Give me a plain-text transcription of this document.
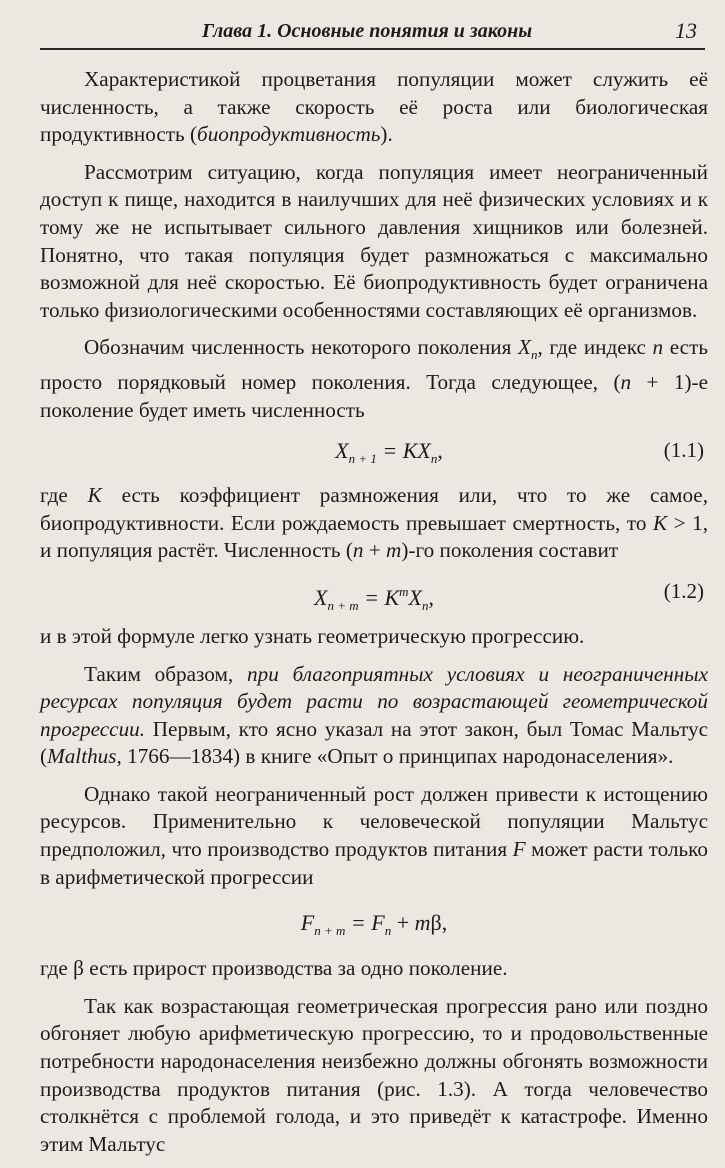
Глава 1. Основные понятия и законы	13

Характеристикой процветания популяции может служить её численность, а также скорость её роста или биологическая продуктивность (биопродуктивность).

Рассмотрим ситуацию, когда популяция имеет неограниченный доступ к пище, находится в наилучших для неё физических условиях и к тому же не испытывает сильного давления хищников или болезней. Понятно, что такая популяция будет размножаться с максимально возможной для неё скоростью. Её биопродуктивность будет ограничена только физиологическими особенностями составляющих её организмов.

Обозначим численность некоторого поколения $X_n$, где индекс n есть просто порядковый номер поколения. Тогда следующее, (n + 1)-е поколение будет иметь численность

$X_{n + 1} = KX_n$,	(1.1)

где K есть коэффициент размножения или, что то же самое, биопродуктивности. Если рождаемость превышает смертность, то K > 1, и популяция растёт. Численность (n + m)-го поколения составит

$X_{n + m} = K^mX_n$,	(1.2)

и в этой формуле легко узнать геометрическую прогрессию.

Таким образом, при благоприятных условиях и неограниченных ресурсах популяция будет расти по возрастающей геометрической прогрессии. Первым, кто ясно указал на этот закон, был Томас Мальтус (Malthus, 1766—1834) в книге «Опыт о принципах народонаселения».

Однако такой неограниченный рост должен привести к истощению ресурсов. Применительно к человеческой популяции Мальтус предположил, что производство продуктов питания F может расти только в арифметической прогрессии

$F_{n + m} = F_n + m\beta$,

где β есть прирост производства за одно поколение.

Так как возрастающая геометрическая прогрессия рано или поздно обгоняет любую арифметическую прогрессию, то и продовольственные потребности народонаселения неизбежно должны обгонять возможности производства продуктов питания (рис. 1.3). А тогда человечество столкнётся с проблемой голода, и это приведёт к катастрофе. Именно этим Мальтус
